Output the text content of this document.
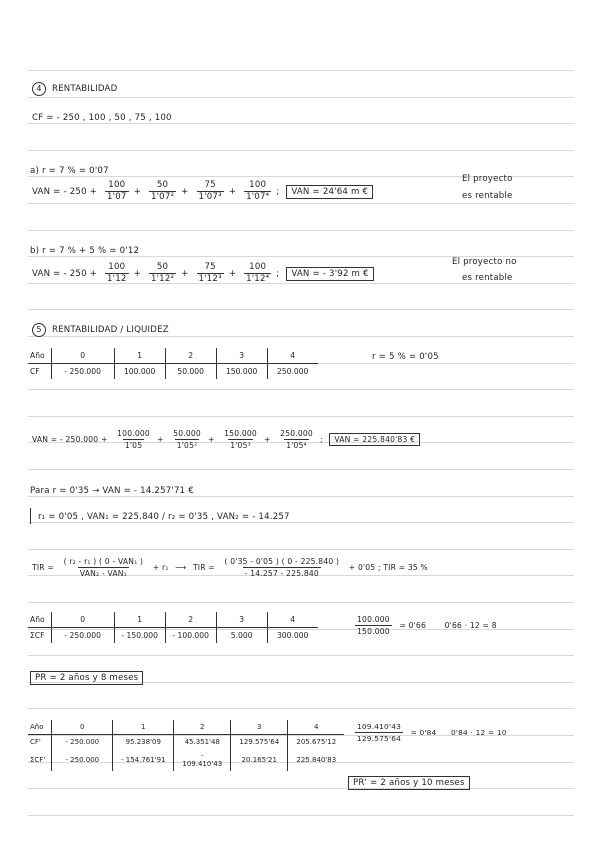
4 RENTABILIDAD
CF = - 250 , 100 , 50 , 75 , 100
a) r = 7 % = 0'07
VAN = - $250 + \frac{100}{1'07} + \frac{50}{\text{1'07²}} + \frac{75}{\text{1'07³}} + \frac{100}{\text{1'07⁴}}$ ; VAN = 24'64 m €
El proyecto
es rentable
b) r = 7 % + 5 % = 0'12
VAN = - $250 + \frac{100}{1'12} + \frac{50}{\text{1'12²}} + \frac{75}{\text{1'12³}} + \frac{100}{\text{1'12⁴}}$ ; VAN = - 3'92 m €
El proyecto no
es rentable
5 RENTABILIDAD / LIQUIDEZ
Año	0	1	2	3	4
CF	- 250.000	100.000	50.000	150.000	250.000
r = 5 % = 0'05
VAN = - $250.000 + \frac{100.000}{1'05} + \frac{50.000}{\text{1'05²}} + \frac{150.000}{\text{1'05³}} + \frac{250.000}{\text{1'05⁴}}$ ; VAN = 225.840'83 €
Para r = 0'35 → VAN = - 14.257'71 €
r₁ = 0'05 , VAN₁ = 225.840 / r₂ = 0'35 , VAN₂ = - 14.257
TIR = $\frac{\text{( r₂ - r₁ ) ( 0 - VAN₁ )}}{\text{VAN₂ - VAN₁}} + r_1$ ⟶ TIR = $\frac{( 0'35 - 0'05 ) ( 0 - 225.840 )}{- 14.257 - 225.840} + 0'05$ ; TIR = 35 %
Año	0	1	2	3	4
ΣCF	- 250.000	- 150.000	- 100.000	5.000	300.000	$\frac{100.000}{150.000} = 0'66$ 0'66 · 12 = 8
PR = 2 años y 8 meses
Año	0	1	2	3	4
CF'	- 250.000	95.238'09	45.351'48	129.575'64	205.675'12
ΣCF'	- 250.000	- 154.761'91	- 109.410'43	20.165'21	225.840'83
$\frac{109.410'43}{129.575'64} = 0'84$ 0'84 · 12 = 10
PR' = 2 años y 10 meses
